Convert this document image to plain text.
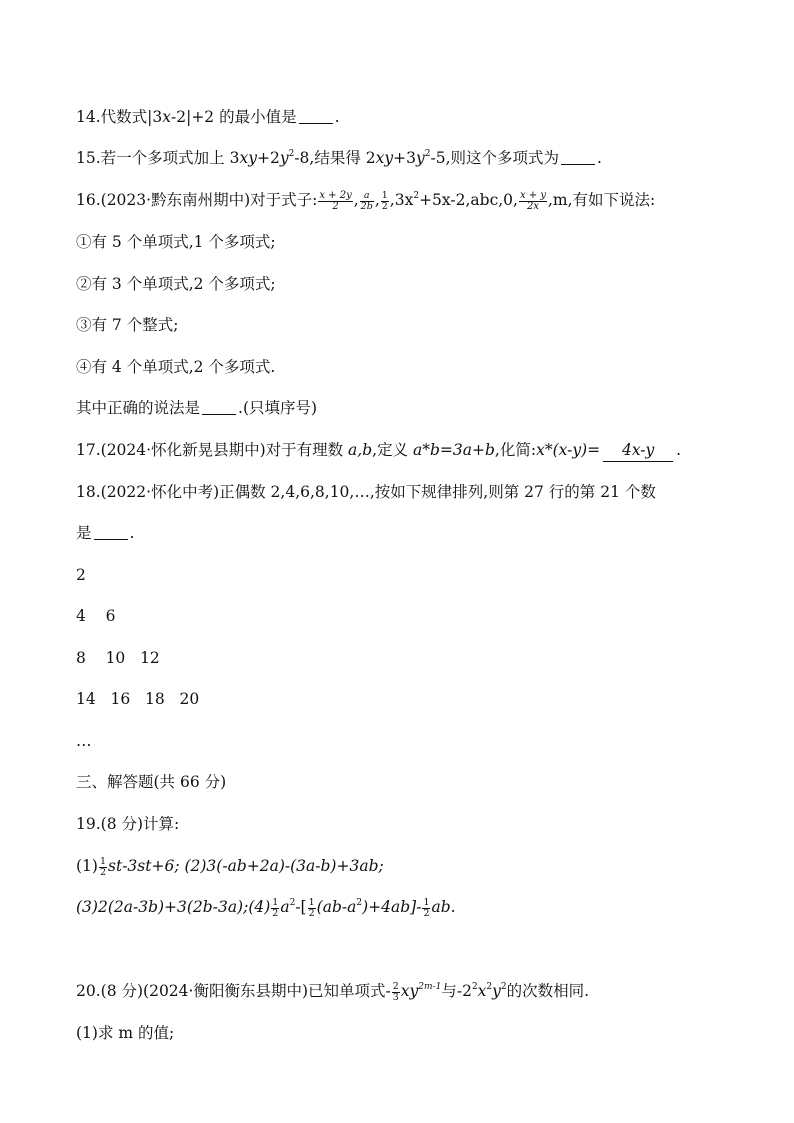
14.代数式|3x-2|+2 的最小值是 .
15.若一个多项式加上 $3xy+2y^2-8$,结果得 $2xy+3y^2-5$,则这个多项式为 .
16.(2023·黔东南州期中)对于式子: $\frac{x + 2y}{2}$ , $\frac{a}{2b}$ , $\frac{1}{2} ,3x^2+5x-2,abc,0$, $\frac{x + y}{2x} ,m$,有如下说法:
①有 5 个单项式,1 个多项式;
②有 3 个单项式,2 个多项式;
③有 7 个整式;
④有 4 个单项式,2 个多项式.
其中正确的说法是 .(只填序号)
17.(2024·怀化新晃县期中)对于有理数 a,b,定义 a*b=3a+b,化简:x*(x-y)= 4x-y .
18.(2022·怀化中考)正偶数 2,4,6,8,10,…,按如下规律排列,则第 27 行的第 21 个数
是 .
2
4    6
8    10   12
14   16   18   20
…
三、解答题(共 66 分)
19.(8 分)计算:
$(1) \frac{1}{2} st-3st+6$; (2)3(-ab+2a)-(3a-b)+3ab;
(3)2(2a-3b)+3(2b-3a);(4) $\frac{1}{2} a^2-[ \frac{1}{2} (ab-a^2)+4ab]- \frac{1}{2}$ ab.
20.(8 分)(2024·衡阳衡东县期中)已知单项式- $\frac{2}{3} xy^{2m-1}$与$-2^2x^2y^2$的次数相同.
(1)求 m 的值;
